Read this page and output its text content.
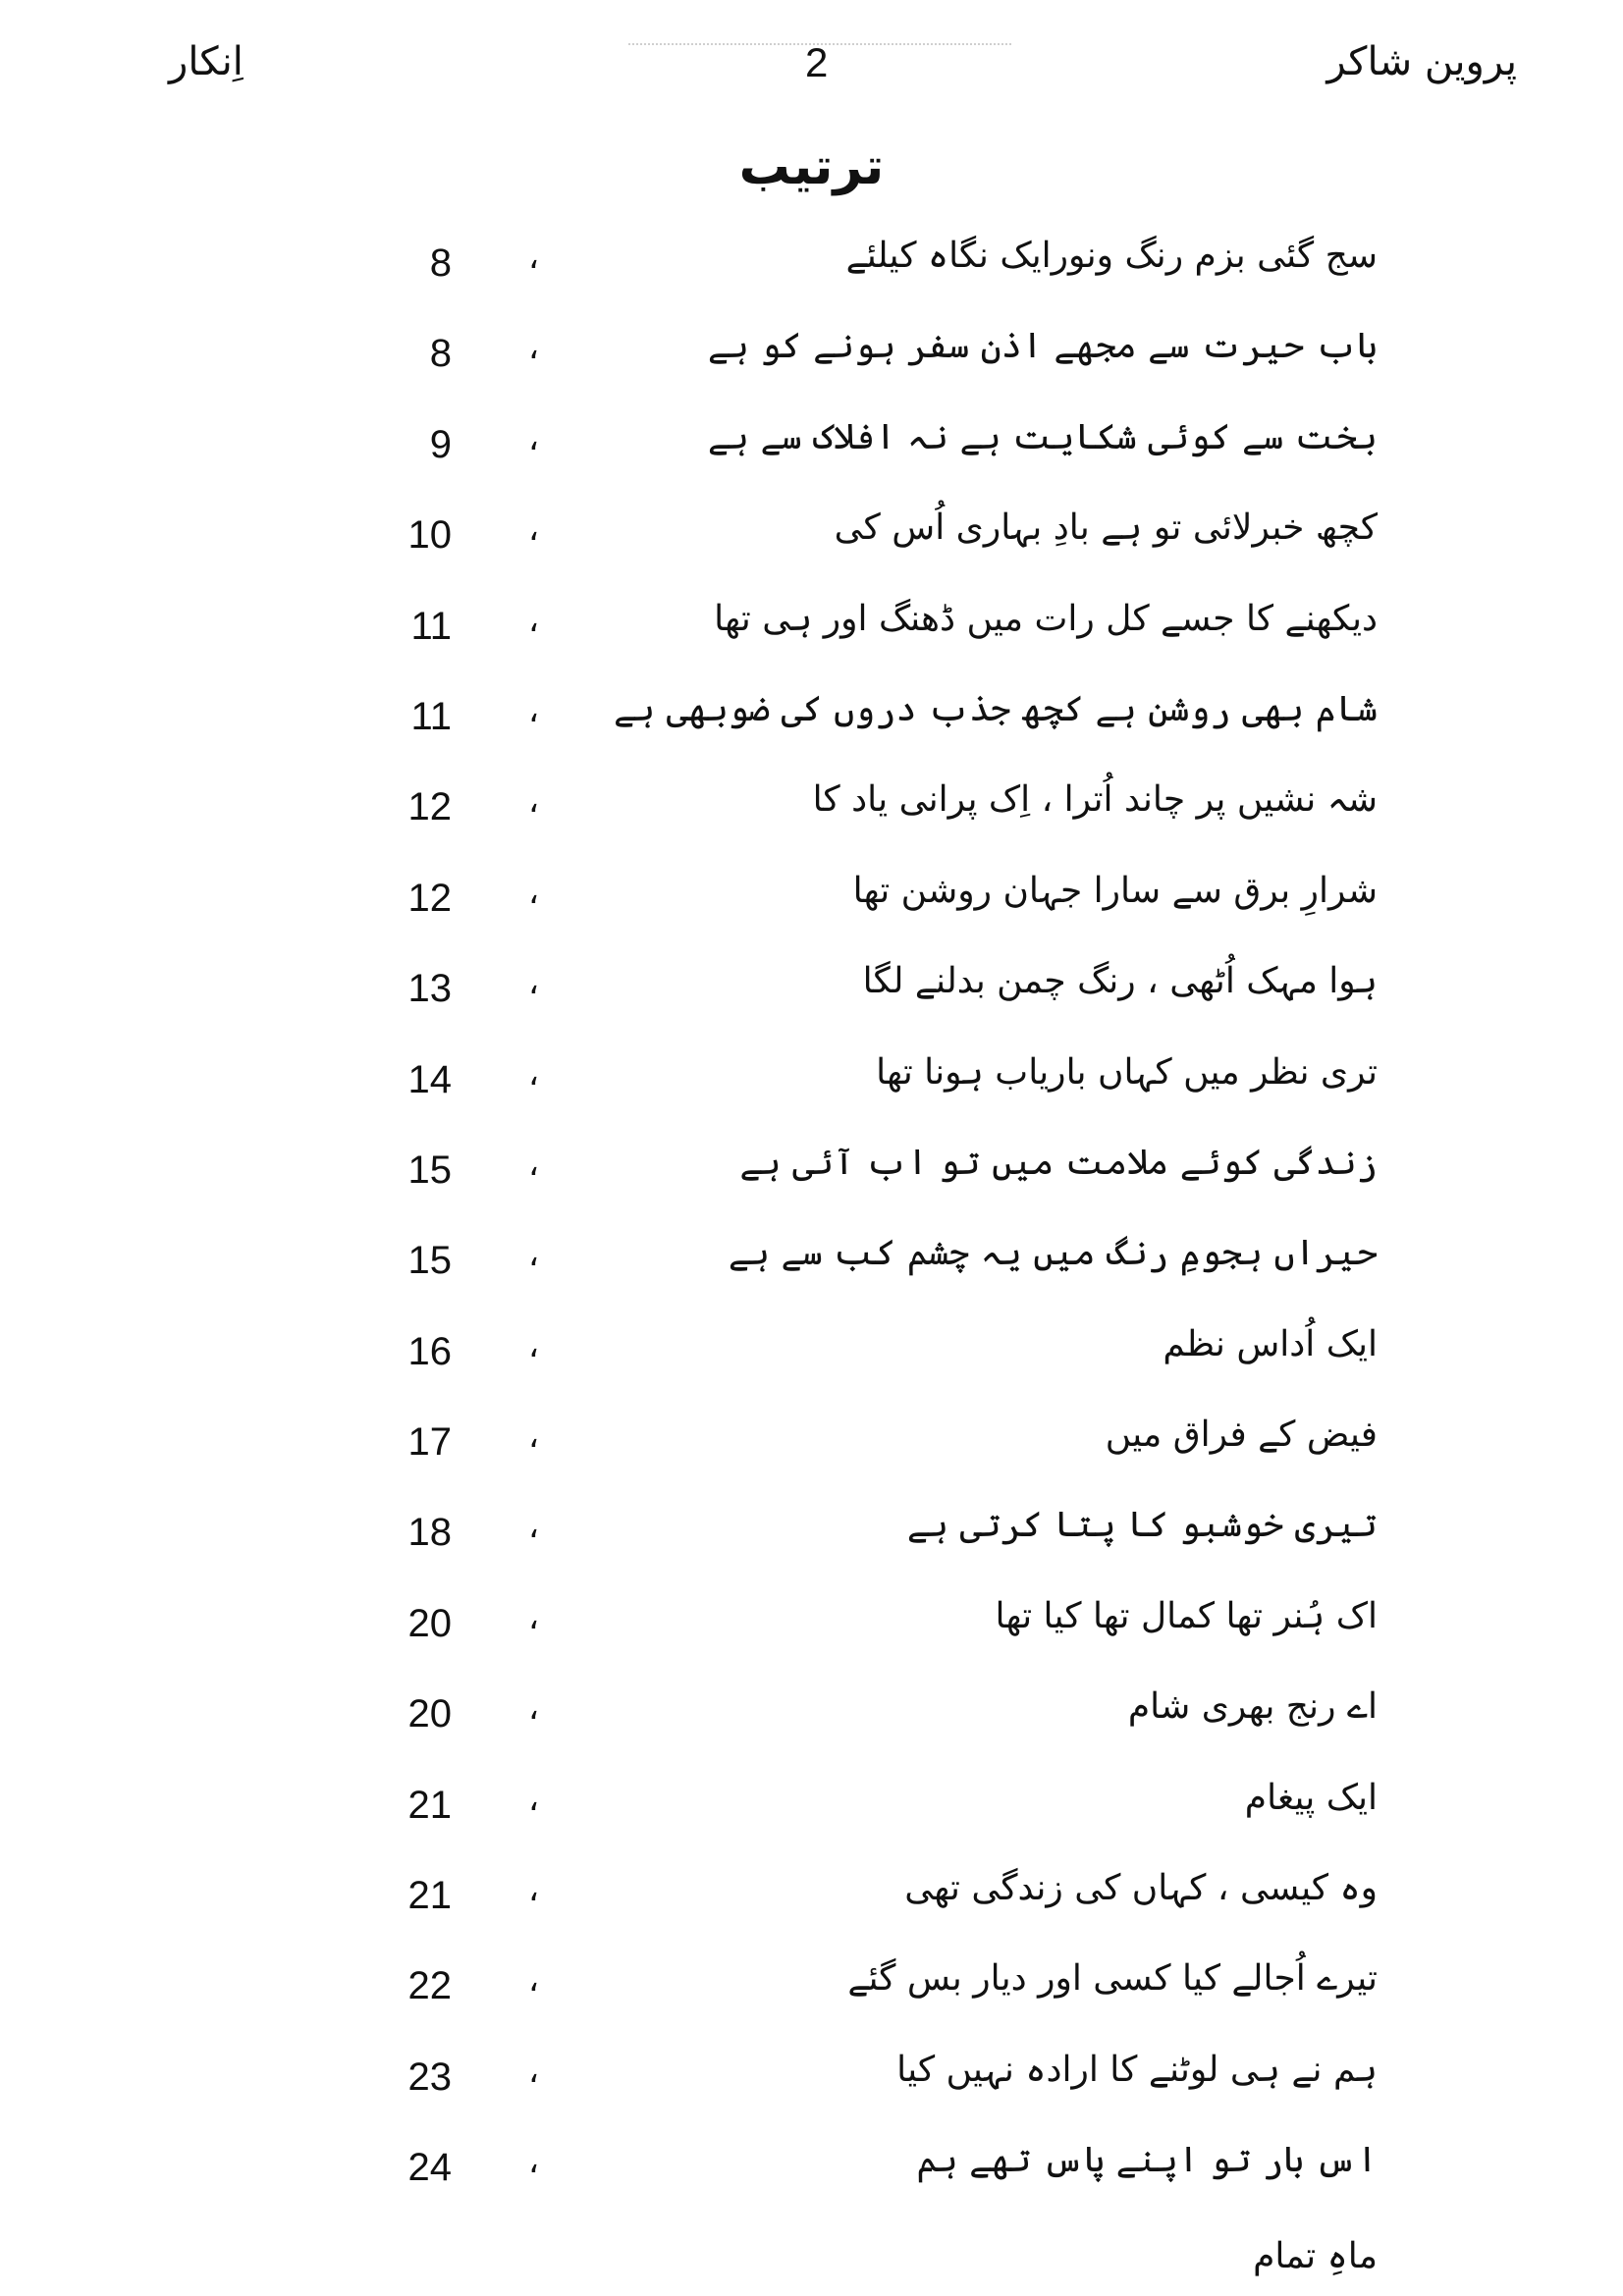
اِنکار	2	پروین شاکر
ترتیب
سج گئی بزم رنگ ونورایک نگاہ کیلئے
،
8
باب حیرت سے مجھے اذن سفر ہونے کو ہے
،
8
بخت سے کوئی شکایت ہے نہ افلاک سے ہے
،
9
کچھ خبرلائی تو ہے بادِ بہاری اُس کی
،
10
دیکھنے کا جسے کل رات میں ڈھنگ اور ہی تھا
،
11
شام بھی روشن ہے کچھ جذب دروں کی ضوبھی ہے
،
11
شہ نشیں پر چاند اُترا ، اِک پرانی یاد کا
،
12
شرارِ برق سے سارا جہان روشن تھا
،
12
ہوا مہک اُٹھی ، رنگ چمن بدلنے لگا
،
13
تری نظر میں کہاں باریاب ہونا تھا
،
14
زندگی کوئے ملامت میں تو اب آئی ہے
،
15
حیراں ہجومِ رنگ میں یہ چشم کب سے ہے
،
15
ایک اُداس نظم
،
16
فیض کے فراق میں
،
17
تیری خوشبو کا پتا کرتی ہے
،
18
اک ہُنر تھا کمال تھا کیا تھا
،
20
اے رنج بھری شام
،
20
ایک پیغام
،
21
وہ کیسی ، کہاں کی زندگی تھی
،
21
تیرے اُجالے کیا کسی اور دیار بس گئے
،
22
ہم نے ہی لوٹنے کا ارادہ نہیں کیا
،
23
اس بار تو اپنے پاس تھے ہم
،
24
ماہِ تمام
